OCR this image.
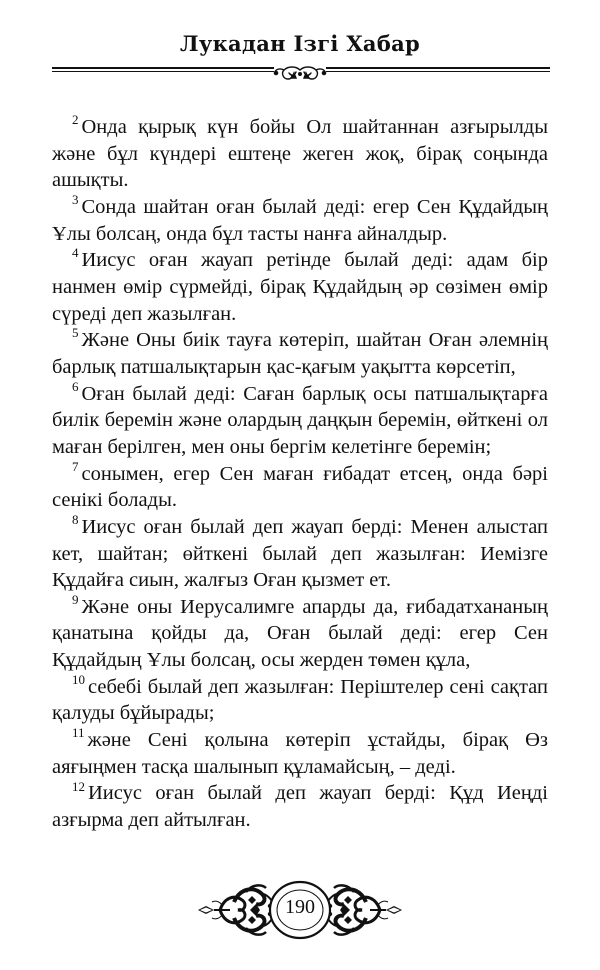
Лукадан Ізгі Хабар

$^2$ Онда қырық күн бойы Ол шайтаннан азғырылды және бұл күндері ештеңе жеген жоқ, бірақ соңында ашықты.

$^3$ Сонда шайтан оған былай деді: егер Сен Құдайдың Ұлы болсаң, онда бұл тасты нанға айналдыр.

$^4$ Иисус оған жауап ретінде былай деді: адам бір нанмен өмір сүрмейді, бірақ Құдайдың әр сөзімен өмір сүреді деп жазылған.

$^5$ Және Оны биік тауға көтеріп, шайтан Оған әлемнің барлық патшалықтарын қас-қағым уақытта көрсетіп,

$^6$ Оған былай деді: Саған барлық осы патшалықтарға билік беремін және олардың даңқын беремін, өйткені ол маған берілген, мен оны бергім келетінге беремін;

$^7$ сонымен, егер Сен маған ғибадат етсең, онда бәрі сенікі болады.

$^8$ Иисус оған былай деп жауап берді: Менен алыстап кет, шайтан; өйткені былай деп жазылған: Иемізге Құдайға сиын, жалғыз Оған қызмет ет.

$^9$ Және оны Иерусалимге апарды да, ғибадатхананың қанатына қойды да, Оған былай деді: егер Сен Құдайдың Ұлы болсаң, осы жерден төмен құла,

$^{10}$ себебі былай деп жазылған: Періштелер сені сақтап қалуды бұйырады;

$^{11}$ және Сені қолына көтеріп ұстайды, бірақ Өз аяғыңмен тасқа шалынып құламайсың, – деді.

$^{12}$ Иисус оған былай деп жауап берді: Құд Иеңді азғырма деп айтылған.

190
